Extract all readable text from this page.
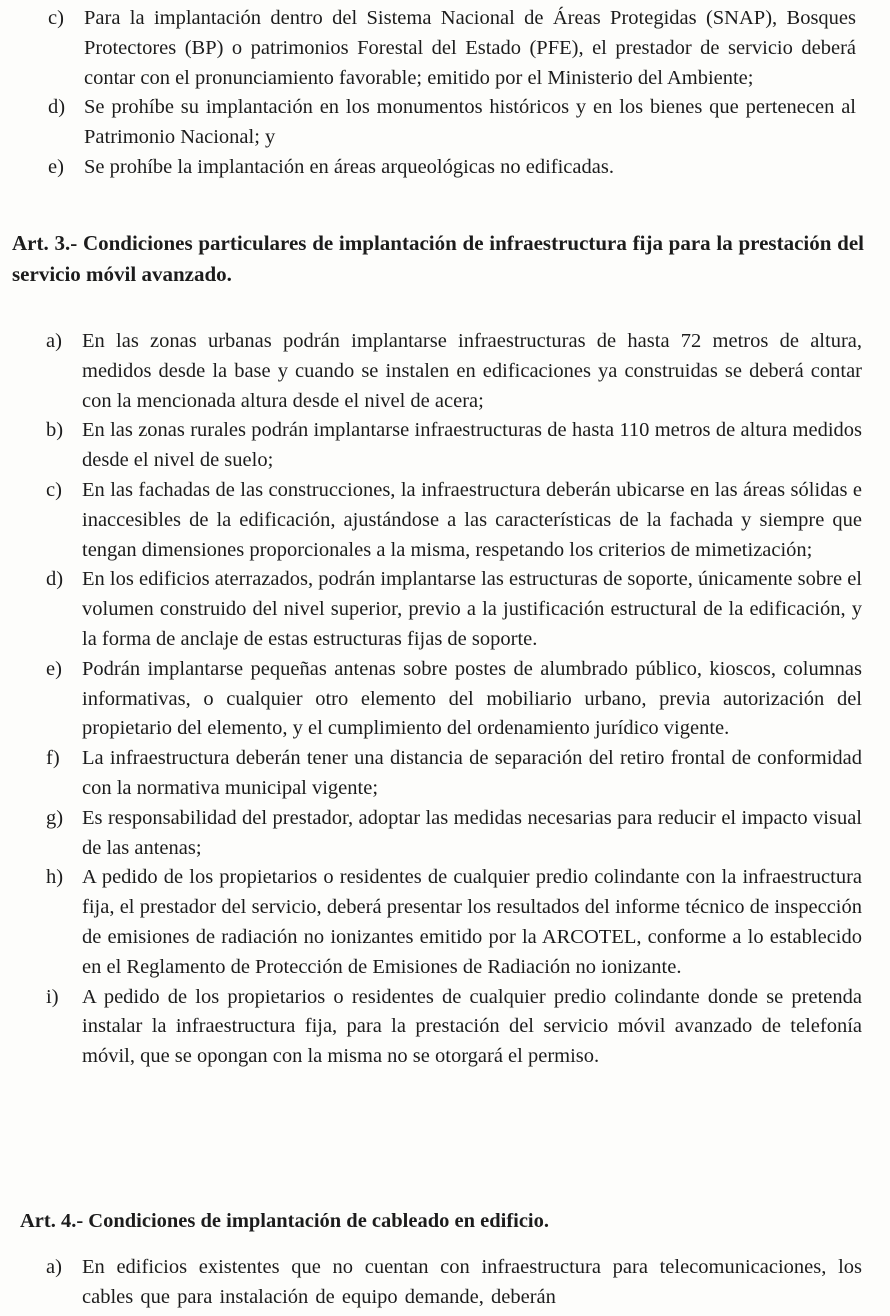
c) Para la implantación dentro del Sistema Nacional de Áreas Protegidas (SNAP), Bosques Protectores (BP) o patrimonios Forestal del Estado (PFE), el prestador de servicio deberá contar con el pronunciamiento favorable; emitido por el Ministerio del Ambiente;
d) Se prohíbe su implantación en los monumentos históricos y en los bienes que pertenecen al Patrimonio Nacional; y
e) Se prohíbe la implantación en áreas arqueológicas no edificadas.
Art. 3.- Condiciones particulares de implantación de infraestructura fija para la prestación del servicio móvil avanzado.
a) En las zonas urbanas podrán implantarse infraestructuras de hasta 72 metros de altura, medidos desde la base y cuando se instalen en edificaciones ya construidas se deberá contar con la mencionada altura desde el nivel de acera;
b) En las zonas rurales podrán implantarse infraestructuras de hasta 110 metros de altura medidos desde el nivel de suelo;
c) En las fachadas de las construcciones, la infraestructura deberán ubicarse en las áreas sólidas e inaccesibles de la edificación, ajustándose a las características de la fachada y siempre que tengan dimensiones proporcionales a la misma, respetando los criterios de mimetización;
d) En los edificios aterrazados, podrán implantarse las estructuras de soporte, únicamente sobre el volumen construido del nivel superior, previo a la justificación estructural de la edificación, y la forma de anclaje de estas estructuras fijas de soporte.
e) Podrán implantarse pequeñas antenas sobre postes de alumbrado público, kioscos, columnas informativas, o cualquier otro elemento del mobiliario urbano, previa autorización del propietario del elemento, y el cumplimiento del ordenamiento jurídico vigente.
f) La infraestructura deberán tener una distancia de separación del retiro frontal de conformidad con la normativa municipal vigente;
g) Es responsabilidad del prestador, adoptar las medidas necesarias para reducir el impacto visual de las antenas;
h) A pedido de los propietarios o residentes de cualquier predio colindante con la infraestructura fija, el prestador del servicio, deberá presentar los resultados del informe técnico de inspección de emisiones de radiación no ionizantes emitido por la ARCOTEL, conforme a lo establecido en el Reglamento de Protección de Emisiones de Radiación no ionizante.
i) A pedido de los propietarios o residentes de cualquier predio colindante donde se pretenda instalar la infraestructura fija, para la prestación del servicio móvil avanzado de telefonía móvil, que se opongan con la misma no se otorgará el permiso.
Art. 4.- Condiciones de implantación de cableado en edificio.
a) En edificios existentes que no cuentan con infraestructura para telecomunicaciones, los cables que para instalación de equipo demande, deberán
